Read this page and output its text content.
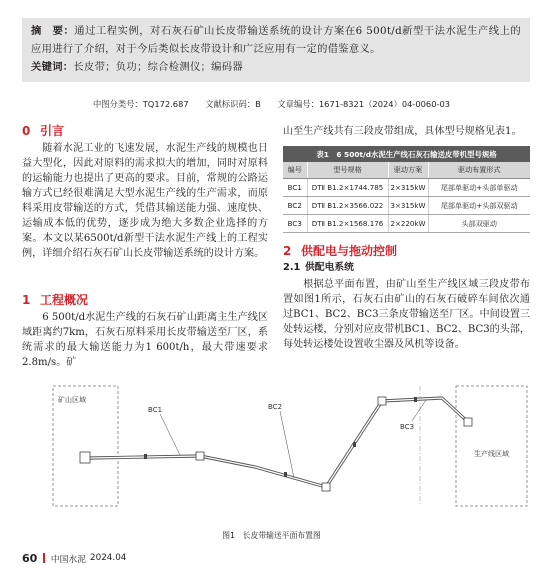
摘　要：通过工程实例，对石灰石矿山长皮带输送系统的设计方案在6 500t/d新型干法水泥生产线上的应用进行了介绍，对于今后类似长皮带设计和广泛应用有一定的借鉴意义。
关键词：长皮带；负功；综合检测仪；编码器
中图分类号：TQ172.687 文献标识码：B 文章编号：1671-8321（2024）04-0060-03
0 引言
随着水泥工业的飞速发展，水泥生产线的规模也日益大型化，因此对原料的需求拟大的增加，同时对原料的运输能力也提出了更高的要求。目前，常规的公路运输方式已经很难满足大型水泥生产线的生产需求，而原料采用皮带输送的方式，凭借其输送能力强、速度快、运输成本低的优势，逐步成为绝大多数企业选择的方案。本文以某6500t/d新型干法水泥生产线上的工程实例，详细介绍石灰石矿山长皮带输送系统的设计方案。
1 工程概况
6 500t/d水泥生产线的石灰石矿山距离主生产线区域距离约7km，石灰石原料采用长皮带输送至厂区，系统需求的最大输送能力为1 600t/h，最大带速要求2.8m/s。矿
山至生产线共有三段皮带组成，具体型号规格见表1。
表1　6 500t/d水泥生产线石灰石输送皮带机型号规格			
编号	型号规格	驱动方案	驱动布置形式
BC1	DTⅡ B1.2×1744.785	2×315kW	尾部单驱动+头部单驱动
BC2	DTⅡ B1.2×3566.022	3×315kW	尾部单驱动+头部双驱动
BC3	DTⅡ B1.2×1568.176	2×220kW	头部双驱动
2 供配电与拖动控制
2.1 供配电系统
根据总平面布置，由矿山至生产线区域三段皮带布置如图1所示，石灰石由矿山的石灰石破碎车间依次通过BC1、BC2、BC3三条皮带输送至厂区。中间设置三处转运楼，分别对应皮带机BC1、BC2、BC3的头部，每处转运楼处设置收尘器及风机等设备。
矿山区域
生产线区域
BC1	BC2
BC3
图1　长皮带输送平面布置图
60 中国水泥 2024.04
